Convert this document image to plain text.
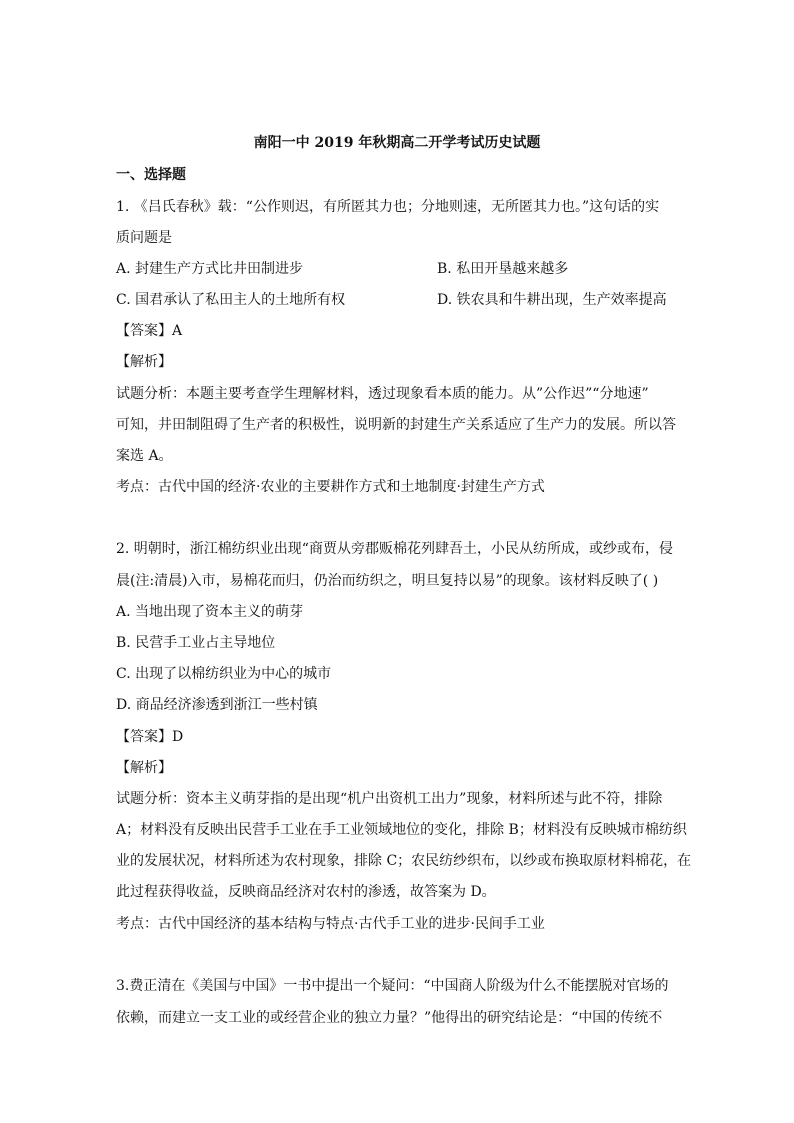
南阳一中 2019 年秋期高二开学考试历史试题
一、选择题
1. 《吕氏春秋》载：“公作则迟，有所匿其力也；分地则速，无所匿其力也。”这句话的实
质问题是
A. 封建生产方式比井田制进步	B. 私田开垦越来越多
C. 国君承认了私田主人的土地所有权	D. 铁农具和牛耕出现，生产效率提高
【答案】A
【解析】
试题分析：本题主要考查学生理解材料，透过现象看本质的能力。从”公作迟”“分地速”
可知，井田制阻碍了生产者的积极性，说明新的封建生产关系适应了生产力的发展。所以答
案选 A。
考点：古代中国的经济·农业的主要耕作方式和土地制度·封建生产方式
2. 明朝时，浙江棉纺织业出现“商贾从旁郡贩棉花列肆吾土，小民从纺所成，或纱或布，侵
晨(注:清晨)入市，易棉花而归，仍治而纺织之，明旦复持以易”的现象。该材料反映了( )
A. 当地出现了资本主义的萌芽
B. 民营手工业占主导地位
C. 出现了以棉纺织业为中心的城市
D. 商品经济渗透到浙江一些村镇
【答案】D
【解析】
试题分析：资本主义萌芽指的是出现“机户出资机工出力”现象，材料所述与此不符，排除
A；材料没有反映出民营手工业在手工业领域地位的变化，排除 B；材料没有反映城市棉纺织
业的发展状况，材料所述为农村现象，排除 C；农民纺纱织布，以纱或布换取原材料棉花，在
此过程获得收益，反映商品经济对农村的渗透，故答案为 D。
考点：古代中国经济的基本结构与特点·古代手工业的进步·民间手工业
3.费正清在《美国与中国》一书中提出一个疑问：“中国商人阶级为什么不能摆脱对官场的
依赖，而建立一支工业的或经营企业的独立力量？”他得出的研究结论是：“中国的传统不
